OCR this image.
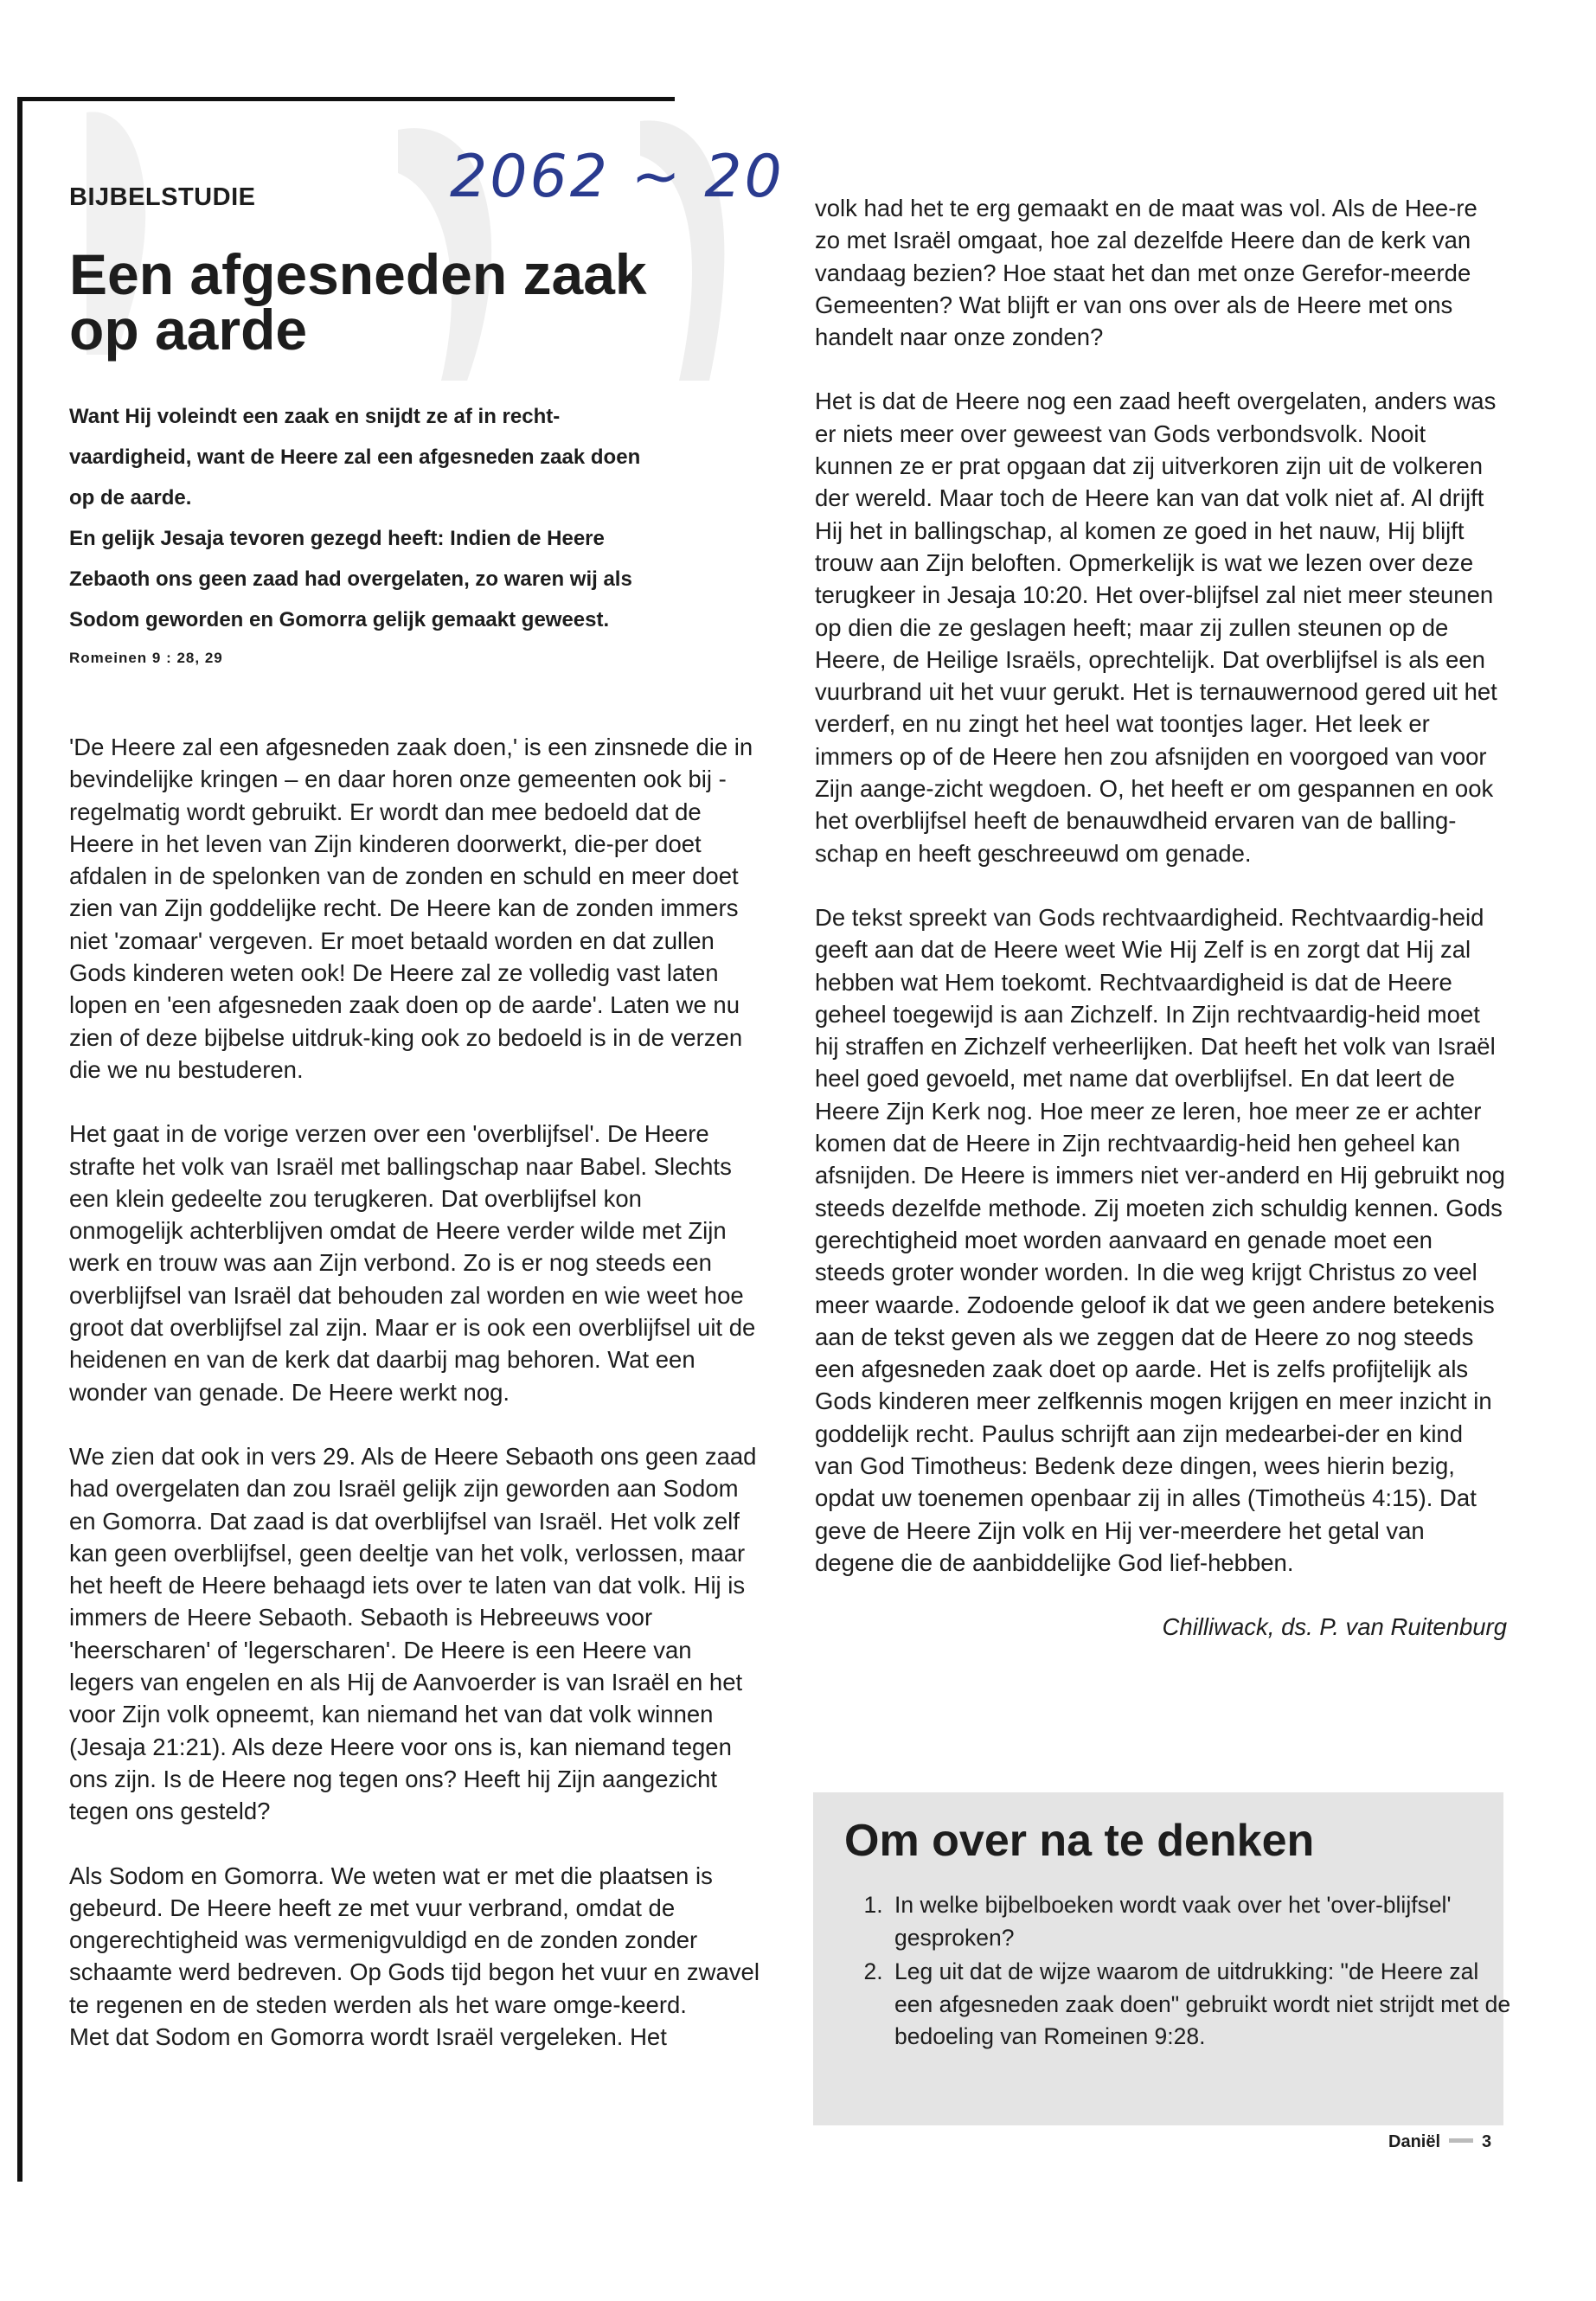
2062 ~ 20
BIJBELSTUDIE
Een afgesneden zaak op aarde

Want Hij voleindt een zaak en snijdt ze af in recht-

vaardigheid, want de Heere zal een afgesneden zaak doen

op de aarde.

En gelijk Jesaja tevoren gezegd heeft: Indien de Heere

Zebaoth ons geen zaad had overgelaten, zo waren wij als

Sodom geworden en Gomorra gelijk gemaakt geweest.

Romeinen 9 : 28, 29

'De Heere zal een afgesneden zaak doen,' is een zinsnede die in bevindelijke kringen – en daar horen onze gemeenten ook bij - regelmatig wordt gebruikt. Er wordt dan mee bedoeld dat de Heere in het leven van Zijn kinderen doorwerkt, die-per doet afdalen in de spelonken van de zonden en schuld en meer doet zien van Zijn goddelijke recht. De Heere kan de zonden immers niet 'zomaar' vergeven. Er moet betaald worden en dat zullen Gods kinderen weten ook! De Heere zal ze volledig vast laten lopen en 'een afgesneden zaak doen op de aarde'. Laten we nu zien of deze bijbelse uitdruk-king ook zo bedoeld is in de verzen die we nu bestuderen.

Het gaat in de vorige verzen over een 'overblijfsel'. De Heere strafte het volk van Israël met ballingschap naar Babel. Slechts een klein gedeelte zou terugkeren. Dat overblijfsel kon onmogelijk achterblijven omdat de Heere verder wilde met Zijn werk en trouw was aan Zijn verbond. Zo is er nog steeds een overblijfsel van Israël dat behouden zal worden en wie weet hoe groot dat overblijfsel zal zijn. Maar er is ook een overblijfsel uit de heidenen en van de kerk dat daarbij mag behoren. Wat een wonder van genade. De Heere werkt nog.

We zien dat ook in vers 29. Als de Heere Sebaoth ons geen zaad had overgelaten dan zou Israël gelijk zijn geworden aan Sodom en Gomorra. Dat zaad is dat overblijfsel van Israël. Het volk zelf kan geen overblijfsel, geen deeltje van het volk, verlossen, maar het heeft de Heere behaagd iets over te laten van dat volk. Hij is immers de Heere Sebaoth. Sebaoth is Hebreeuws voor 'heerscharen' of 'legerscharen'. De Heere is een Heere van legers van engelen en als Hij de Aanvoerder is van Israël en het voor Zijn volk opneemt, kan niemand het van dat volk winnen (Jesaja 21:21). Als deze Heere voor ons is, kan niemand tegen ons zijn. Is de Heere nog tegen ons? Heeft hij Zijn aangezicht tegen ons gesteld?

Als Sodom en Gomorra. We weten wat er met die plaatsen is gebeurd. De Heere heeft ze met vuur verbrand, omdat de ongerechtigheid was vermenigvuldigd en de zonden zonder schaamte werd bedreven. Op Gods tijd begon het vuur en zwavel te regenen en de steden werden als het ware omge-keerd.

Met dat Sodom en Gomorra wordt Israël vergeleken. Het

volk had het te erg gemaakt en de maat was vol. Als de Hee-re zo met Israël omgaat, hoe zal dezelfde Heere dan de kerk van vandaag bezien? Hoe staat het dan met onze Gerefor-meerde Gemeenten? Wat blijft er van ons over als de Heere met ons handelt naar onze zonden?

Het is dat de Heere nog een zaad heeft overgelaten, anders was er niets meer over geweest van Gods verbondsvolk. Nooit kunnen ze er prat opgaan dat zij uitverkoren zijn uit de volkeren der wereld. Maar toch de Heere kan van dat volk niet af. Al drijft Hij het in ballingschap, al komen ze goed in het nauw, Hij blijft trouw aan Zijn beloften. Opmerkelijk is wat we lezen over deze terugkeer in Jesaja 10:20. Het over-blijfsel zal niet meer steunen op dien die ze geslagen heeft; maar zij zullen steunen op de Heere, de Heilige Israëls, oprechtelijk. Dat overblijfsel is als een vuurbrand uit het vuur gerukt. Het is ternauwernood gered uit het verderf, en nu zingt het heel wat toontjes lager. Het leek er immers op of de Heere hen zou afsnijden en voorgoed van voor Zijn aange-zicht wegdoen. O, het heeft er om gespannen en ook het overblijfsel heeft de benauwdheid ervaren van de balling-schap en heeft geschreeuwd om genade.

De tekst spreekt van Gods rechtvaardigheid. Rechtvaardig-heid geeft aan dat de Heere weet Wie Hij Zelf is en zorgt dat Hij zal hebben wat Hem toekomt. Rechtvaardigheid is dat de Heere geheel toegewijd is aan Zichzelf. In Zijn rechtvaardig-heid moet hij straffen en Zichzelf verheerlijken. Dat heeft het volk van Israël heel goed gevoeld, met name dat overblijfsel. En dat leert de Heere Zijn Kerk nog. Hoe meer ze leren, hoe meer ze er achter komen dat de Heere in Zijn rechtvaardig-heid hen geheel kan afsnijden. De Heere is immers niet ver-anderd en Hij gebruikt nog steeds dezelfde methode. Zij moeten zich schuldig kennen. Gods gerechtigheid moet worden aanvaard en genade moet een steeds groter wonder worden. In die weg krijgt Christus zo veel meer waarde. Zodoende geloof ik dat we geen andere betekenis aan de tekst geven als we zeggen dat de Heere zo nog steeds een afgesneden zaak doet op aarde. Het is zelfs profijtelijk als Gods kinderen meer zelfkennis mogen krijgen en meer inzicht in goddelijk recht. Paulus schrijft aan zijn medearbei-der en kind van God Timotheus: Bedenk deze dingen, wees hierin bezig, opdat uw toenemen openbaar zij in alles (Timotheüs 4:15). Dat geve de Heere Zijn volk en Hij ver-meerdere het getal van degene die de aanbiddelijke God lief-hebben.

Chilliwack, ds. P. van Ruitenburg
Om over na te denken
1. In welke bijbelboeken wordt vaak over het 'over-blijfsel' gesproken?
2. Leg uit dat de wijze waarom de uitdrukking: "de Heere zal een afgesneden zaak doen" gebruikt wordt niet strijdt met de bedoeling van Romeinen 9:28.
Daniël 3
